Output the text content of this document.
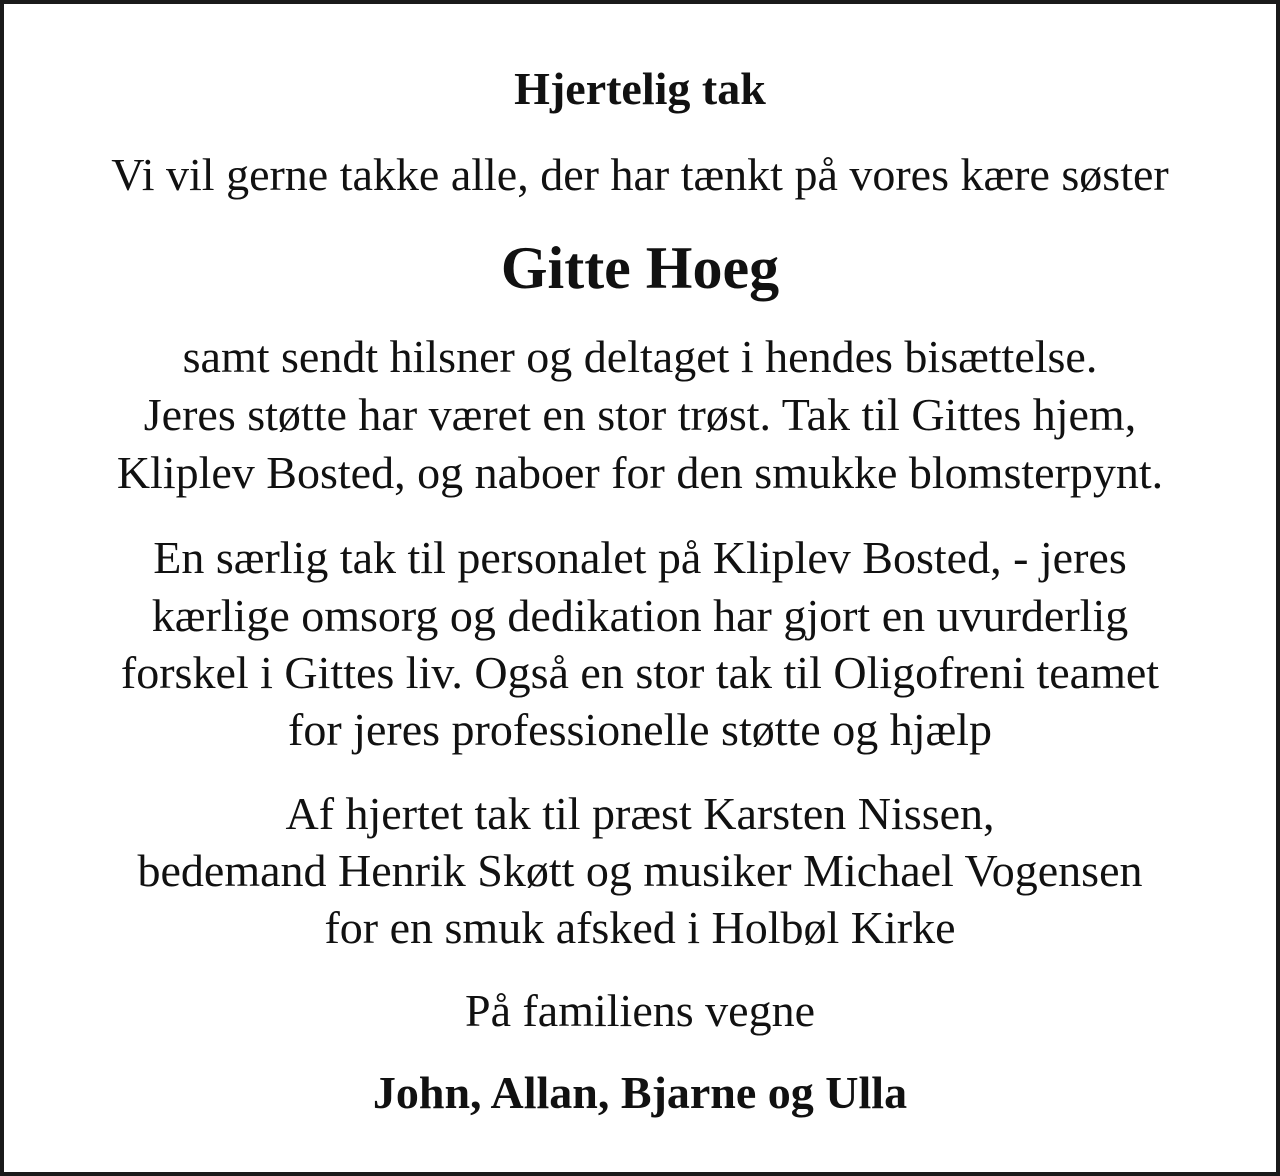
Hjertelig tak
Vi vil gerne takke alle, der har tænkt på vores kære søster
Gitte Hoeg
samt sendt hilsner og deltaget i hendes bisættelse.
Jeres støtte har været en stor trøst. Tak til Gittes hjem,
Kliplev Bosted, og naboer for den smukke blomsterpynt.
En særlig tak til personalet på Kliplev Bosted, - jeres
kærlige omsorg og dedikation har gjort en uvurderlig
forskel i Gittes liv. Også en stor tak til Oligofreni teamet
for jeres professionelle støtte og hjælp
Af hjertet tak til præst Karsten Nissen,
bedemand Henrik Skøtt og musiker Michael Vogensen
for en smuk afsked i Holbøl Kirke
På familiens vegne
John, Allan, Bjarne og Ulla
